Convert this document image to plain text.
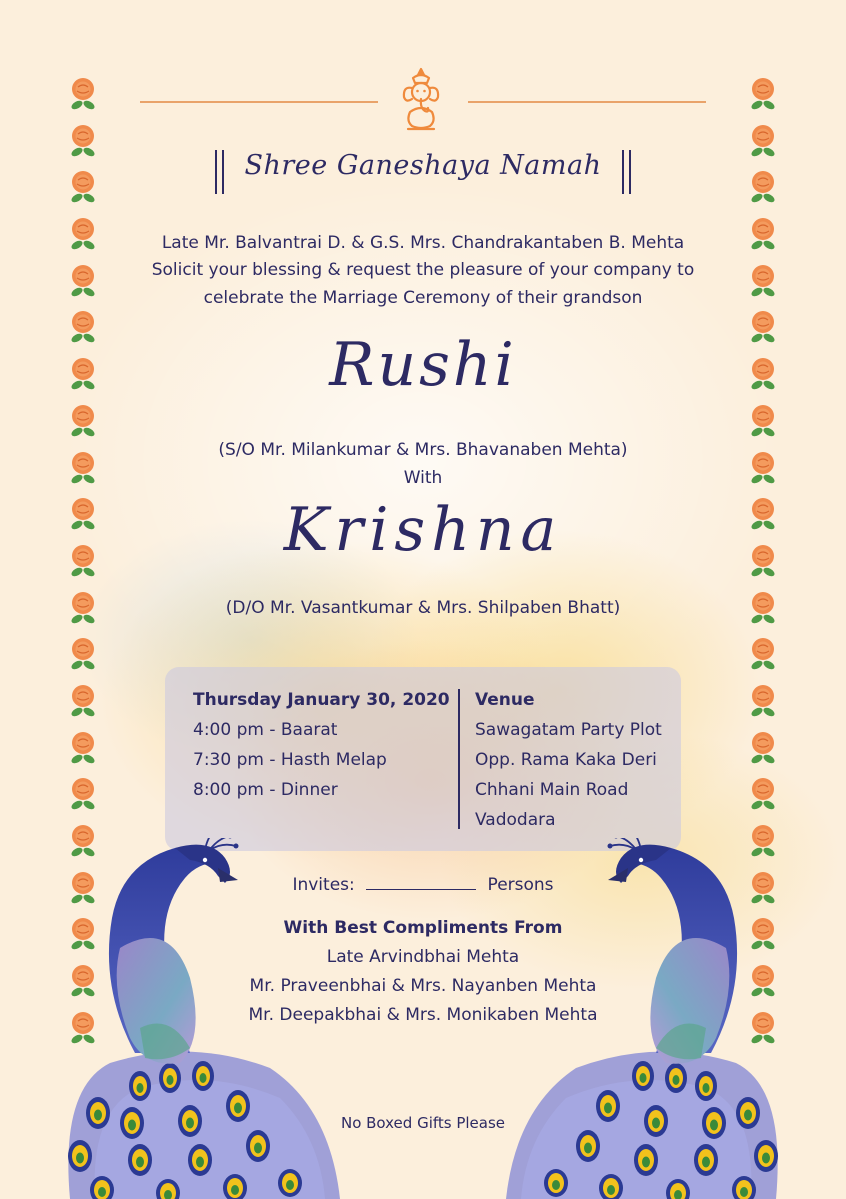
Shree Ganeshaya Namah
Late Mr. Balvantrai D. & G.S. Mrs. Chandrakantaben B. Mehta
Solicit your blessing & request the pleasure of your company to
celebrate the Marriage Ceremony of their grandson
Rushi
(S/O Mr. Milankumar & Mrs. Bhavanaben Mehta)
With
Krishna
(D/O Mr. Vasantkumar & Mrs. Shilpaben Bhatt)
Thursday January 30, 2020
4:00 pm - Baarat
7:30 pm - Hasth Melap
8:00 pm - Dinner
Venue
Sawagatam Party Plot
Opp. Rama Kaka Deri
Chhani Main Road
Vadodara
Invites:	Persons
With Best Compliments From
Late Arvindbhai Mehta
Mr. Praveenbhai & Mrs. Nayanben Mehta
Mr. Deepakbhai & Mrs. Monikaben Mehta
No Boxed Gifts Please
